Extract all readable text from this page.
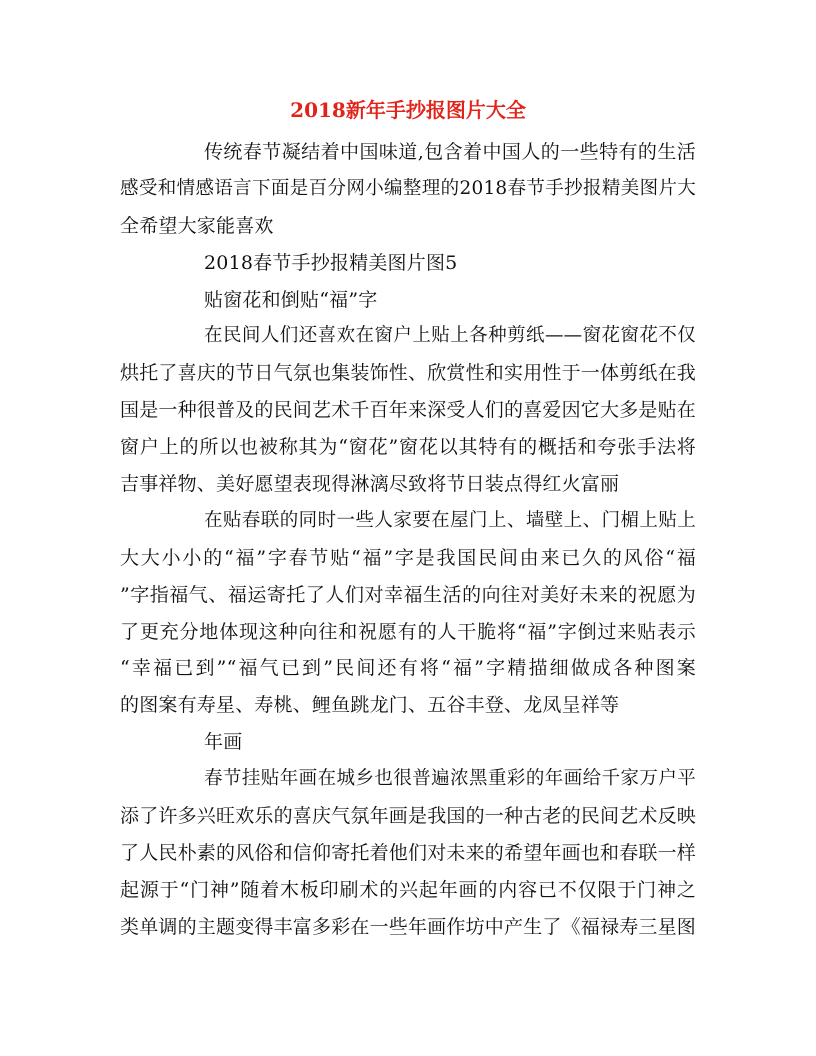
2018新年手抄报图片大全
传统春节凝结着中国味道,包含着中国人的一些特有的生活
感受和情感语言下面是百分网小编整理的2018春节手抄报精美图片大
全希望大家能喜欢
2018春节手抄报精美图片图5
贴窗花和倒贴“福”字
在民间人们还喜欢在窗户上贴上各种剪纸——窗花窗花不仅
烘托了喜庆的节日气氛也集装饰性、欣赏性和实用性于一体剪纸在我
国是一种很普及的民间艺术千百年来深受人们的喜爱因它大多是贴在
窗户上的所以也被称其为“窗花”窗花以其特有的概括和夸张手法将
吉事祥物、美好愿望表现得淋漓尽致将节日装点得红火富丽
在贴春联的同时一些人家要在屋门上、墙壁上、门楣上贴上
大大小小的“福”字春节贴“福”字是我国民间由来已久的风俗“福
”字指福气、福运寄托了人们对幸福生活的向往对美好未来的祝愿为
了更充分地体现这种向往和祝愿有的人干脆将“福”字倒过来贴表示
“幸福已到”“福气已到”民间还有将“福”字精描细做成各种图案
的图案有寿星、寿桃、鲤鱼跳龙门、五谷丰登、龙凤呈祥等
年画
春节挂贴年画在城乡也很普遍浓黑重彩的年画给千家万户平
添了许多兴旺欢乐的喜庆气氛年画是我国的一种古老的民间艺术反映
了人民朴素的风俗和信仰寄托着他们对未来的希望年画也和春联一样
起源于“门神”随着木板印刷术的兴起年画的内容已不仅限于门神之
类单调的主题变得丰富多彩在一些年画作坊中产生了《福禄寿三星图
